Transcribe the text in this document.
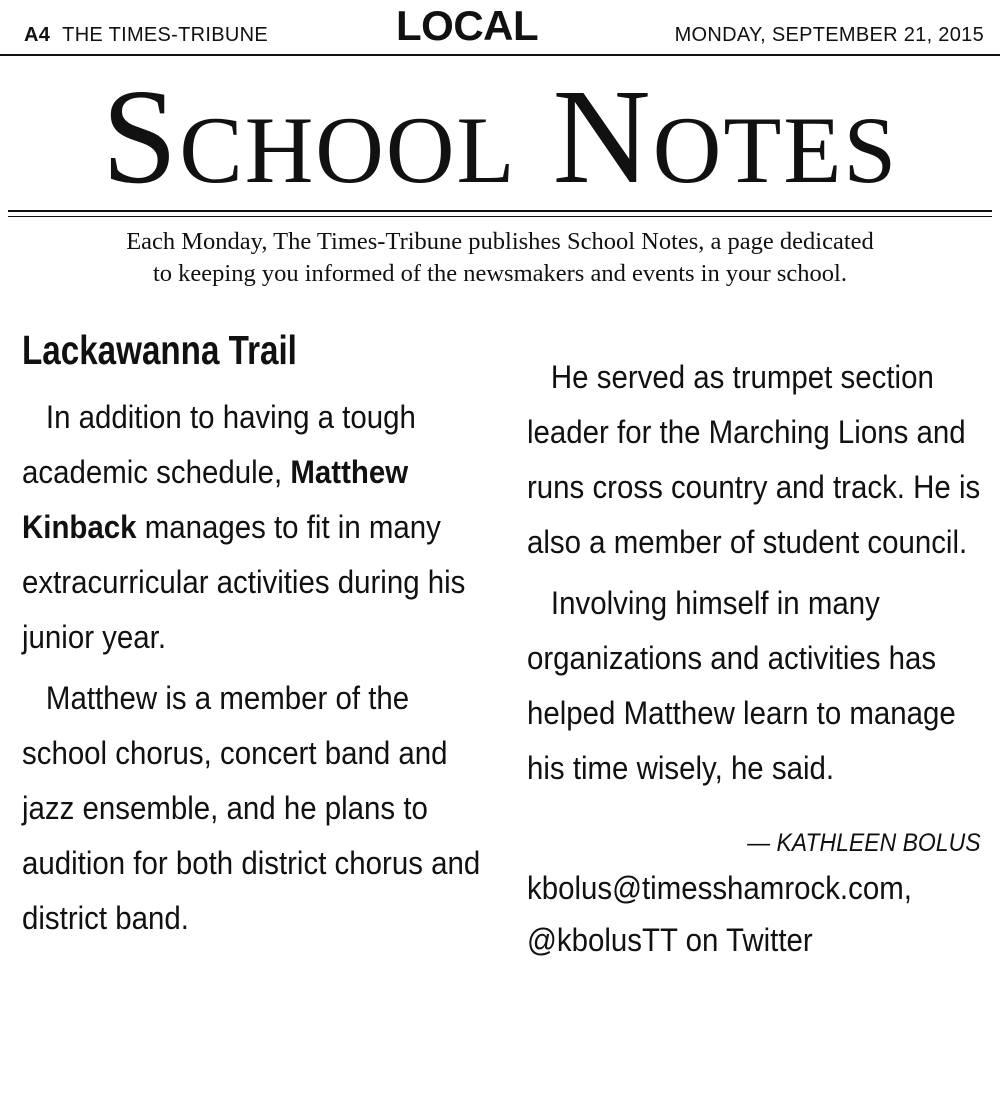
A4 THE TIMES-TRIBUNE	LOCAL	MONDAY, SEPTEMBER 21, 2015
School Notes
Each Monday, The Times-Tribune publishes School Notes, a page dedicated
to keeping you informed of the newsmakers and events in your school.
Lackawanna Trail

In addition to having a tough academic schedule, Matthew Kinback manages to fit in many extracurricular activities during his junior year.

Matthew is a member of the school chorus, concert band and jazz ensemble, and he plans to audition for both district chorus and district band.

He served as trumpet section leader for the Marching Lions and runs cross country and track. He is also a member of student council.

Involving himself in many organizations and activities has helped Matthew learn to manage his time wisely, he said.

— KATHLEEN BOLUS

kbolus@timesshamrock.com,

@kbolusTT on Twitter
